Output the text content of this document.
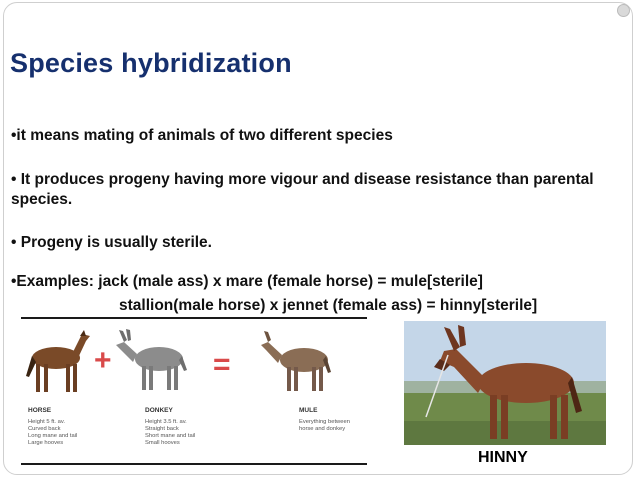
Species hybridization

•it means mating of animals of two different species

• It produces progeny having more vigour and disease resistance than parental species.

• Progeny is usually sterile.

•Examples: jack (male ass) x mare (female horse) = mule[sterile]

stallion(male horse) x jennet (female ass) = hinny[sterile]

+	=
HORSE
Height 5 ft. av.
Curved back
Long mane and tail
Large hooves
DONKEY
Height 3.5 ft. av.
Straight back
Short mane and tail
Small hooves
MULE
Everything between
horse and donkey
HINNY
